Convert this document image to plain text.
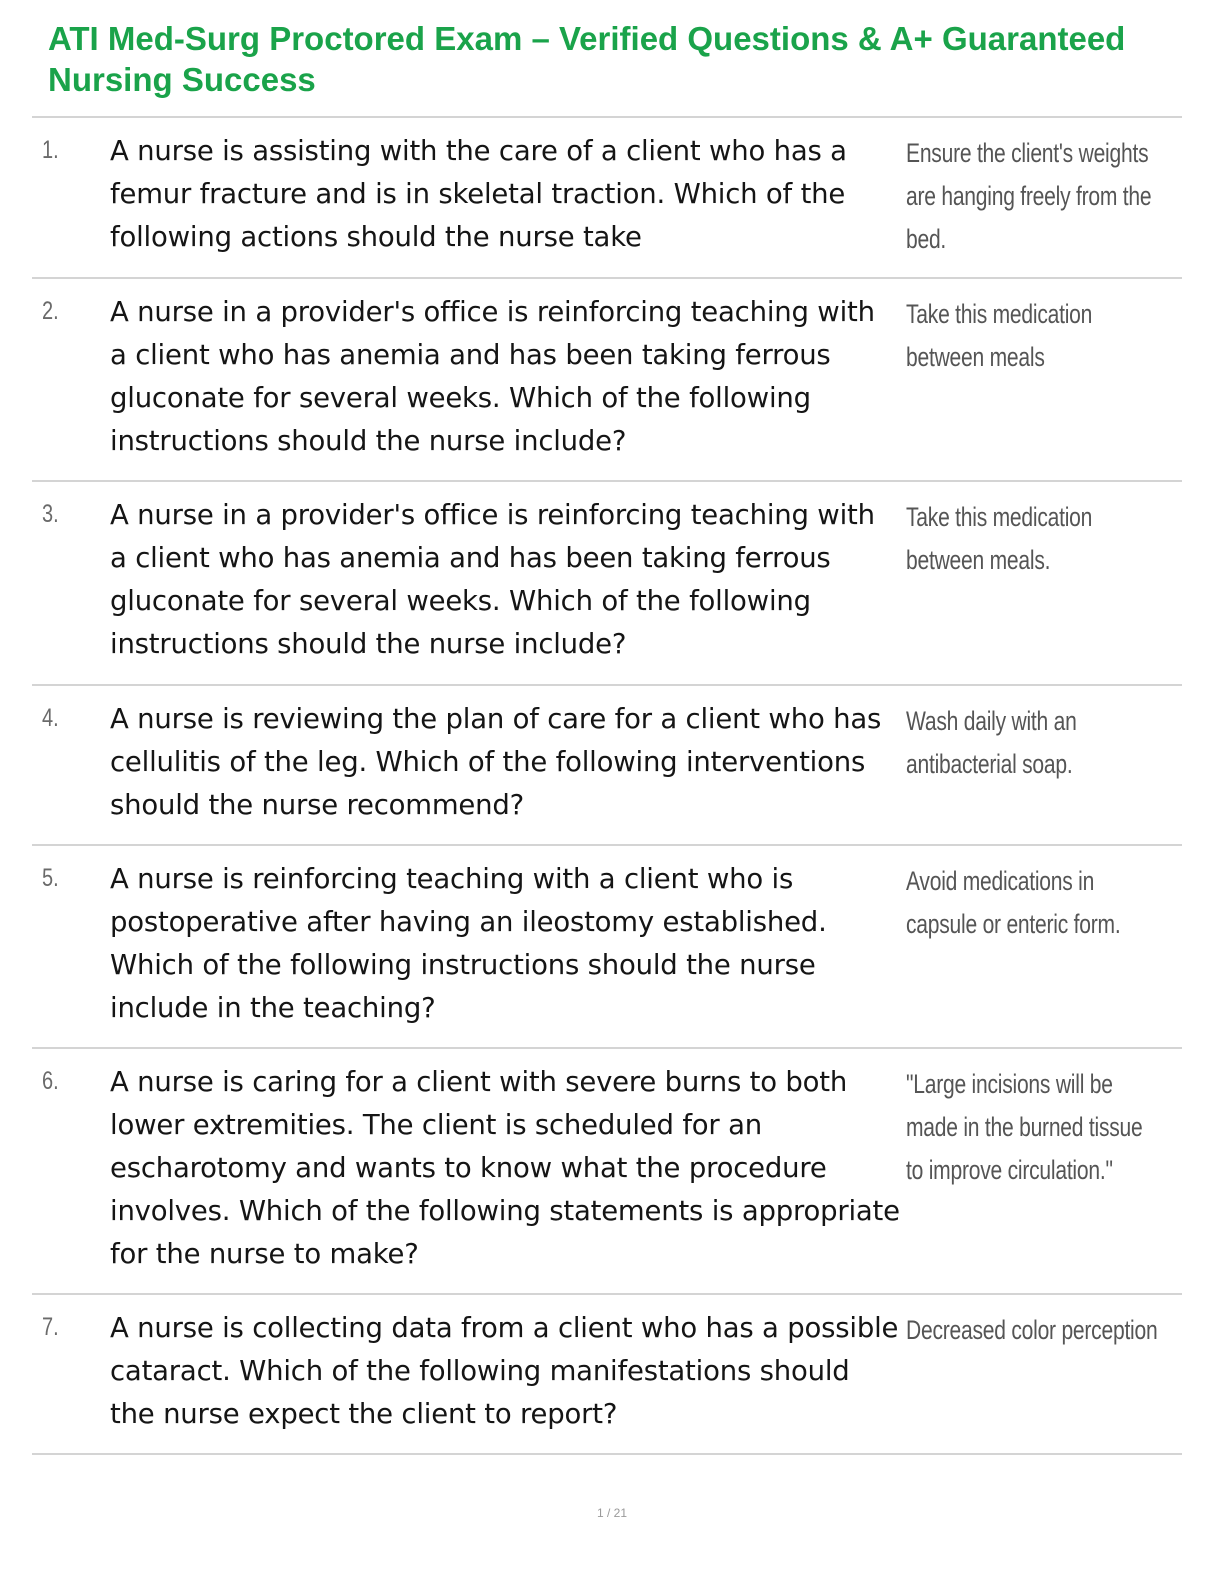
ATI Med-Surg Proctored Exam – Verified Questions & A+ Guaranteed Nursing Success
1. A nurse is assisting with the care of a client who has a femur fracture and is in skeletal traction. Which of the following actions should the nurse take
Ensure the client's weights are hanging freely from the bed.
2. A nurse in a provider's office is reinforcing teaching with a client who has anemia and has been taking ferrous gluconate for several weeks. Which of the following instructions should the nurse include?
Take this medication between meals
3. A nurse in a provider's office is reinforcing teaching with a client who has anemia and has been taking ferrous gluconate for several weeks. Which of the following instructions should the nurse include?
Take this medication between meals.
4. A nurse is reviewing the plan of care for a client who has cellulitis of the leg. Which of the following interventions should the nurse recommend?
Wash daily with an antibacterial soap.
5. A nurse is reinforcing teaching with a client who is postoperative after having an ileostomy established. Which of the following instructions should the nurse include in the teaching?
Avoid medications in capsule or enteric form.
6. A nurse is caring for a client with severe burns to both lower extremities. The client is scheduled for an escharotomy and wants to know what the procedure involves. Which of the following statements is appropriate for the nurse to make?
"Large incisions will be made in the burned tissue to improve circulation."
7. A nurse is collecting data from a client who has a possible cataract. Which of the following manifestations should the nurse expect the client to report?
Decreased color perception
1 / 21
